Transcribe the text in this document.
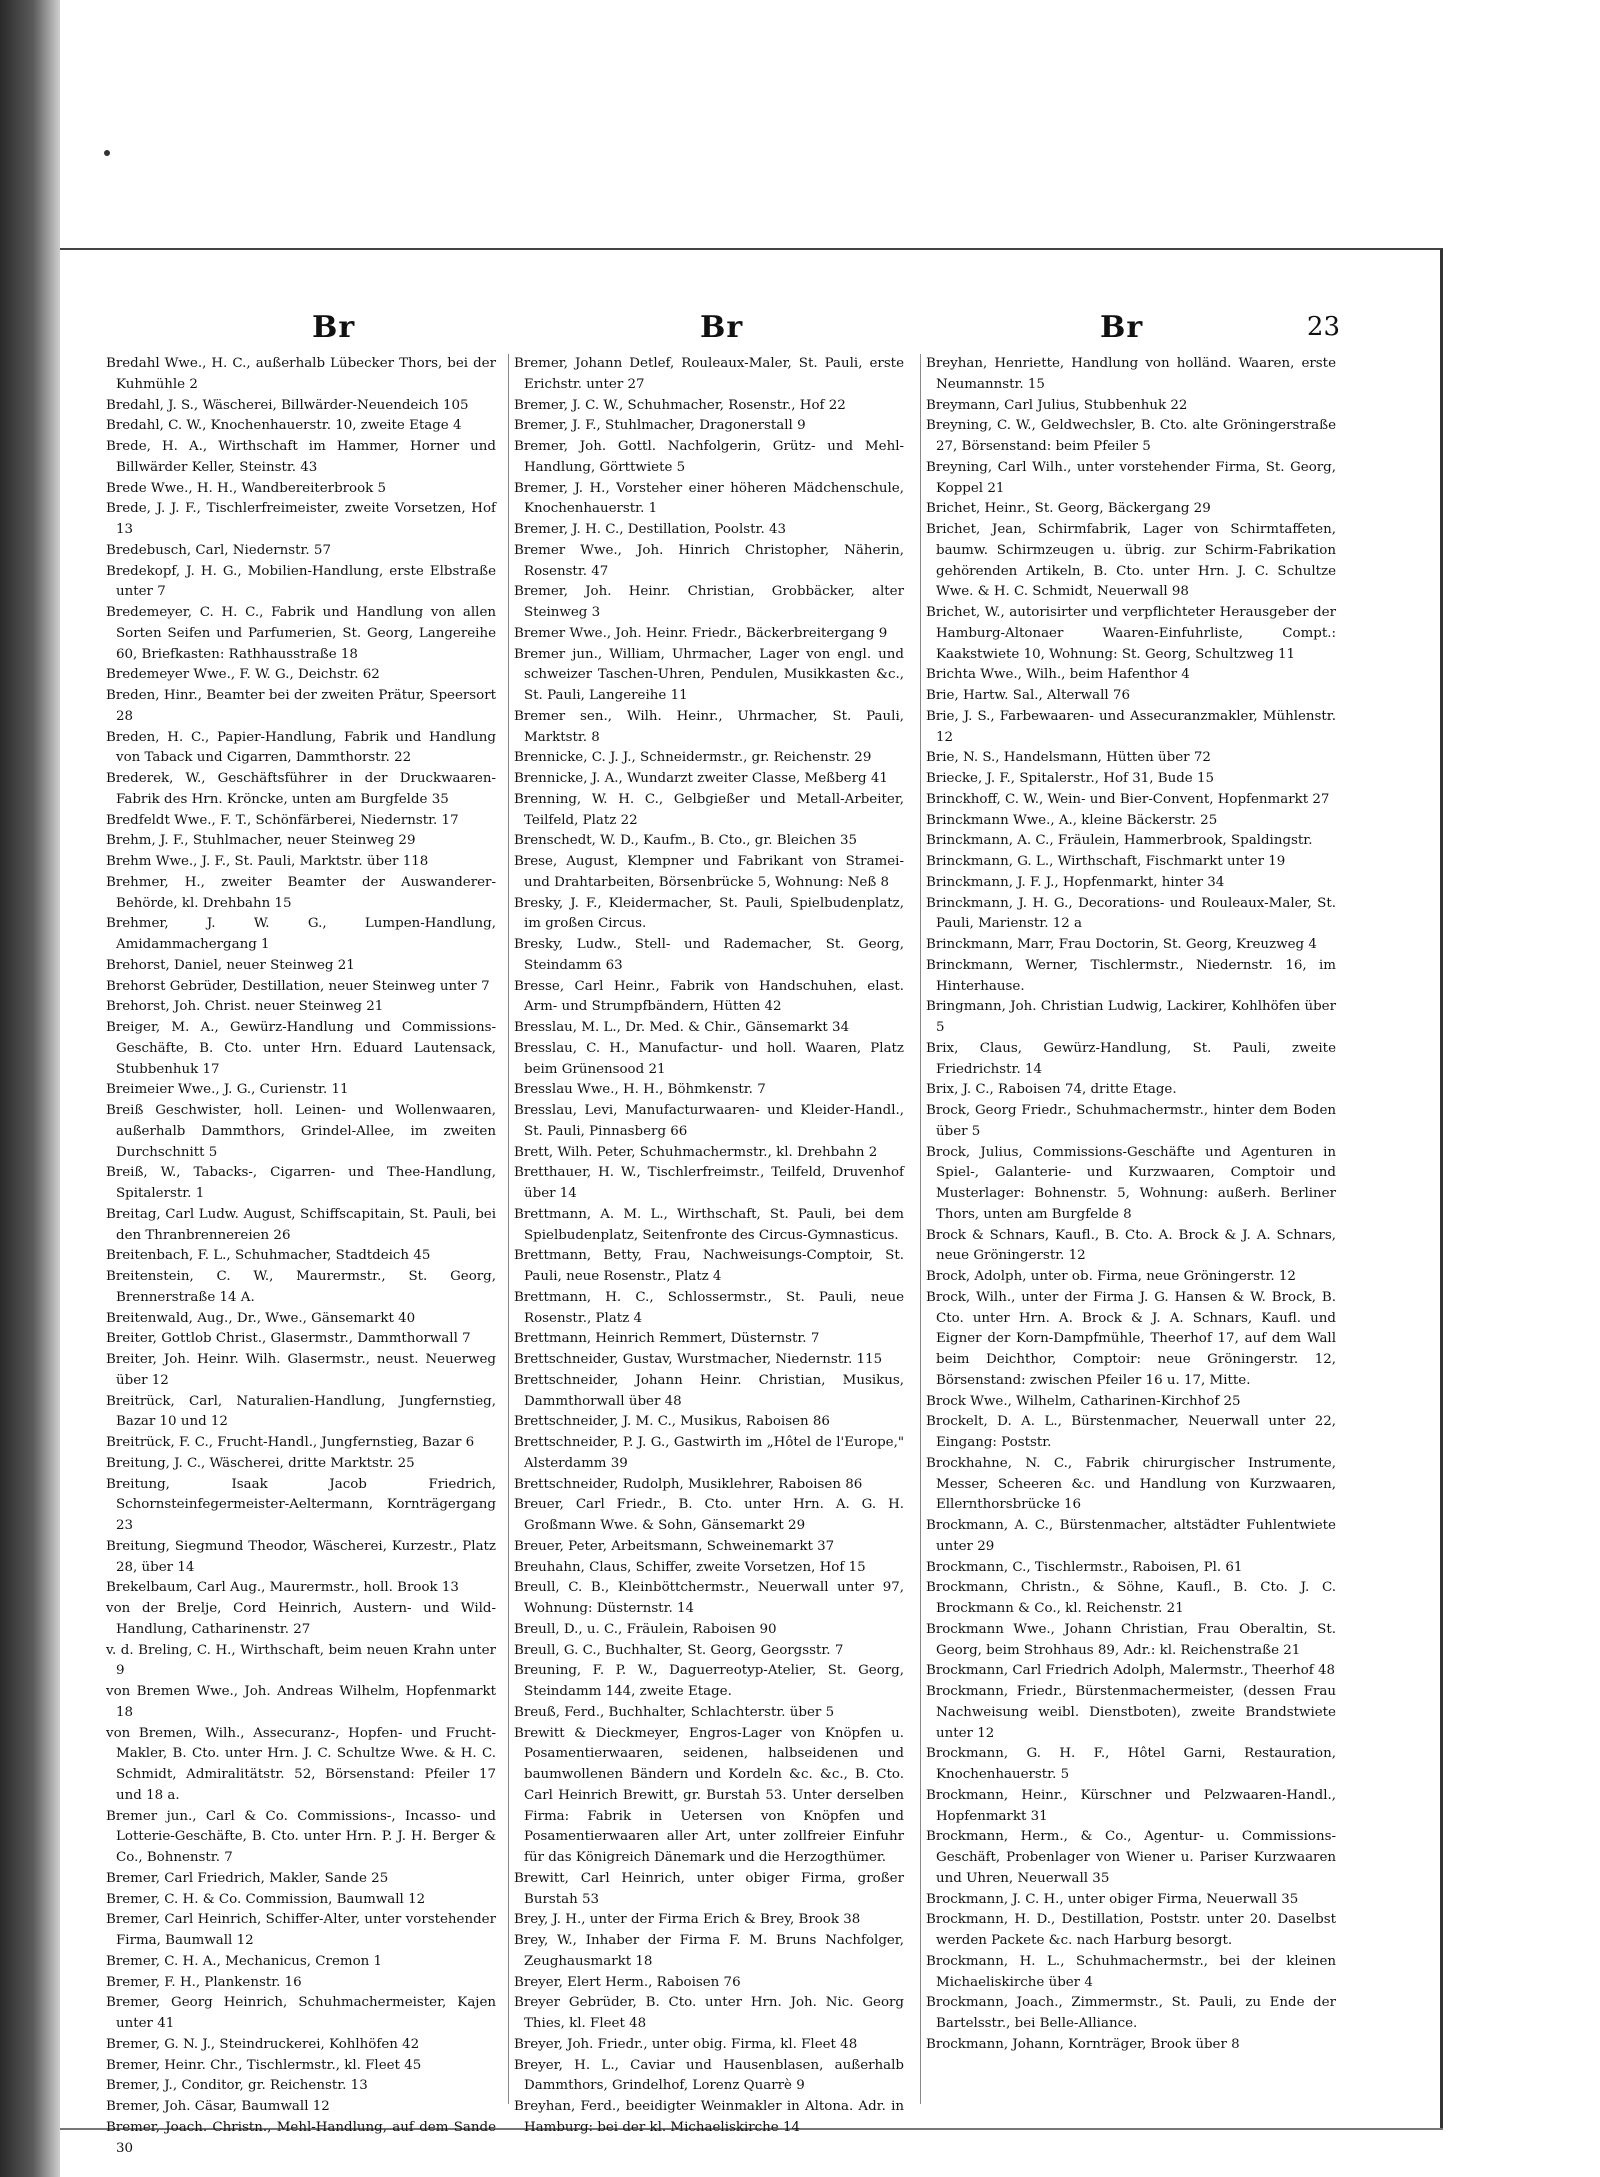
Br	Br	Br	23

Bredahl Wwe., H. C., außerhalb Lübecker Thors, bei der Kuhmühle 2

Bredahl, J. S., Wäscherei, Billwärder-Neuendeich 105

Bredahl, C. W., Knochenhauerstr. 10, zweite Etage 4

Brede, H. A., Wirthschaft im Hammer, Horner und Billwärder Keller, Steinstr. 43

Brede Wwe., H. H., Wandbereiterbrook 5

Brede, J. J. F., Tischlerfreimeister, zweite Vorsetzen, Hof 13

Bredebusch, Carl, Niedernstr. 57

Bredekopf, J. H. G., Mobilien-Handlung, erste Elbstraße unter 7

Bredemeyer, C. H. C., Fabrik und Handlung von allen Sorten Seifen und Parfumerien, St. Georg, Langereihe 60, Briefkasten: Rathhausstraße 18

Bredemeyer Wwe., F. W. G., Deichstr. 62

Breden, Hinr., Beamter bei der zweiten Prätur, Speersort 28

Breden, H. C., Papier-Handlung, Fabrik und Handlung von Taback und Cigarren, Dammthorstr. 22

Brederek, W., Geschäftsführer in der Druckwaaren-Fabrik des Hrn. Kröncke, unten am Burgfelde 35

Bredfeldt Wwe., F. T., Schönfärberei, Niedernstr. 17

Brehm, J. F., Stuhlmacher, neuer Steinweg 29

Brehm Wwe., J. F., St. Pauli, Marktstr. über 118

Brehmer, H., zweiter Beamter der Auswanderer-Behörde, kl. Drehbahn 15

Brehmer, J. W. G., Lumpen-Handlung, Amidammachergang 1

Brehorst, Daniel, neuer Steinweg 21

Brehorst Gebrüder, Destillation, neuer Steinweg unter 7

Brehorst, Joh. Christ. neuer Steinweg 21

Breiger, M. A., Gewürz-Handlung und Commissions-Geschäfte, B. Cto. unter Hrn. Eduard Lautensack, Stubbenhuk 17

Breimeier Wwe., J. G., Curienstr. 11

Breiß Geschwister, holl. Leinen- und Wollenwaaren, außerhalb Dammthors, Grindel-Allee, im zweiten Durchschnitt 5

Breiß, W., Tabacks-, Cigarren- und Thee-Handlung, Spitalerstr. 1

Breitag, Carl Ludw. August, Schiffscapitain, St. Pauli, bei den Thranbrennereien 26

Breitenbach, F. L., Schuhmacher, Stadtdeich 45

Breitenstein, C. W., Maurermstr., St. Georg, Brennerstraße 14 A.

Breitenwald, Aug., Dr., Wwe., Gänsemarkt 40

Breiter, Gottlob Christ., Glasermstr., Dammthorwall 7

Breiter, Joh. Heinr. Wilh. Glasermstr., neust. Neuerweg über 12

Breitrück, Carl, Naturalien-Handlung, Jungfernstieg, Bazar 10 und 12

Breitrück, F. C., Frucht-Handl., Jungfernstieg, Bazar 6

Breitung, J. C., Wäscherei, dritte Marktstr. 25

Breitung, Isaak Jacob Friedrich, Schornsteinfegermeister-Aeltermann, Kornträgergang 23

Breitung, Siegmund Theodor, Wäscherei, Kurzestr., Platz 28, über 14

Brekelbaum, Carl Aug., Maurermstr., holl. Brook 13

von der Brelje, Cord Heinrich, Austern- und Wild-Handlung, Catharinenstr. 27

v. d. Breling, C. H., Wirthschaft, beim neuen Krahn unter 9

von Bremen Wwe., Joh. Andreas Wilhelm, Hopfenmarkt 18

von Bremen, Wilh., Assecuranz-, Hopfen- und Frucht-Makler, B. Cto. unter Hrn. J. C. Schultze Wwe. & H. C. Schmidt, Admiralitätstr. 52, Börsenstand: Pfeiler 17 und 18 a.

Bremer jun., Carl & Co. Commissions-, Incasso- und Lotterie-Geschäfte, B. Cto. unter Hrn. P. J. H. Berger & Co., Bohnenstr. 7

Bremer, Carl Friedrich, Makler, Sande 25

Bremer, C. H. & Co. Commission, Baumwall 12

Bremer, Carl Heinrich, Schiffer-Alter, unter vorstehender Firma, Baumwall 12

Bremer, C. H. A., Mechanicus, Cremon 1

Bremer, F. H., Plankenstr. 16

Bremer, Georg Heinrich, Schuhmachermeister, Kajen unter 41

Bremer, G. N. J., Steindruckerei, Kohlhöfen 42

Bremer, Heinr. Chr., Tischlermstr., kl. Fleet 45

Bremer, J., Conditor, gr. Reichenstr. 13

Bremer, Joh. Cäsar, Baumwall 12

Bremer, Joach. Christn., Mehl-Handlung, auf dem Sande 30

Bremer, Johann Detlef, Rouleaux-Maler, St. Pauli, erste Erichstr. unter 27

Bremer, J. C. W., Schuhmacher, Rosenstr., Hof 22

Bremer, J. F., Stuhlmacher, Dragonerstall 9

Bremer, Joh. Gottl. Nachfolgerin, Grütz- und Mehl-Handlung, Görttwiete 5

Bremer, J. H., Vorsteher einer höheren Mädchenschule, Knochenhauerstr. 1

Bremer, J. H. C., Destillation, Poolstr. 43

Bremer Wwe., Joh. Hinrich Christopher, Näherin, Rosenstr. 47

Bremer, Joh. Heinr. Christian, Grobbäcker, alter Steinweg 3

Bremer Wwe., Joh. Heinr. Friedr., Bäckerbreitergang 9

Bremer jun., William, Uhrmacher, Lager von engl. und schweizer Taschen-Uhren, Pendulen, Musikkasten &c., St. Pauli, Langereihe 11

Bremer sen., Wilh. Heinr., Uhrmacher, St. Pauli, Marktstr. 8

Brennicke, C. J. J., Schneidermstr., gr. Reichenstr. 29

Brennicke, J. A., Wundarzt zweiter Classe, Meßberg 41

Brenning, W. H. C., Gelbgießer und Metall-Arbeiter, Teilfeld, Platz 22

Brenschedt, W. D., Kaufm., B. Cto., gr. Bleichen 35

Brese, August, Klempner und Fabrikant von Stramei- und Drahtarbeiten, Börsenbrücke 5, Wohnung: Neß 8

Bresky, J. F., Kleidermacher, St. Pauli, Spielbudenplatz, im großen Circus.

Bresky, Ludw., Stell- und Rademacher, St. Georg, Steindamm 63

Bresse, Carl Heinr., Fabrik von Handschuhen, elast. Arm- und Strumpfbändern, Hütten 42

Bresslau, M. L., Dr. Med. & Chir., Gänsemarkt 34

Bresslau, C. H., Manufactur- und holl. Waaren, Platz beim Grünensood 21

Bresslau Wwe., H. H., Böhmkenstr. 7

Bresslau, Levi, Manufacturwaaren- und Kleider-Handl., St. Pauli, Pinnasberg 66

Brett, Wilh. Peter, Schuhmachermstr., kl. Drehbahn 2

Bretthauer, H. W., Tischlerfreimstr., Teilfeld, Druvenhof über 14

Brettmann, A. M. L., Wirthschaft, St. Pauli, bei dem Spielbudenplatz, Seitenfronte des Circus-Gymnasticus.

Brettmann, Betty, Frau, Nachweisungs-Comptoir, St. Pauli, neue Rosenstr., Platz 4

Brettmann, H. C., Schlossermstr., St. Pauli, neue Rosenstr., Platz 4

Brettmann, Heinrich Remmert, Düsternstr. 7

Brettschneider, Gustav, Wurstmacher, Niedernstr. 115

Brettschneider, Johann Heinr. Christian, Musikus, Dammthorwall über 48

Brettschneider, J. M. C., Musikus, Raboisen 86

Brettschneider, P. J. G., Gastwirth im „Hôtel de l'Europe," Alsterdamm 39

Brettschneider, Rudolph, Musiklehrer, Raboisen 86

Breuer, Carl Friedr., B. Cto. unter Hrn. A. G. H. Großmann Wwe. & Sohn, Gänsemarkt 29

Breuer, Peter, Arbeitsmann, Schweinemarkt 37

Breuhahn, Claus, Schiffer, zweite Vorsetzen, Hof 15

Breull, C. B., Kleinböttchermstr., Neuerwall unter 97, Wohnung: Düsternstr. 14

Breull, D., u. C., Fräulein, Raboisen 90

Breull, G. C., Buchhalter, St. Georg, Georgsstr. 7

Breuning, F. P. W., Daguerreotyp-Atelier, St. Georg, Steindamm 144, zweite Etage.

Breuß, Ferd., Buchhalter, Schlachterstr. über 5

Brewitt & Dieckmeyer, Engros-Lager von Knöpfen u. Posamentierwaaren, seidenen, halbseidenen und baumwollenen Bändern und Kordeln &c. &c., B. Cto. Carl Heinrich Brewitt, gr. Burstah 53. Unter derselben Firma: Fabrik in Uetersen von Knöpfen und Posamentierwaaren aller Art, unter zollfreier Einfuhr für das Königreich Dänemark und die Herzogthümer.

Brewitt, Carl Heinrich, unter obiger Firma, großer Burstah 53

Brey, J. H., unter der Firma Erich & Brey, Brook 38

Brey, W., Inhaber der Firma F. M. Bruns Nachfolger, Zeughausmarkt 18

Breyer, Elert Herm., Raboisen 76

Breyer Gebrüder, B. Cto. unter Hrn. Joh. Nic. Georg Thies, kl. Fleet 48

Breyer, Joh. Friedr., unter obig. Firma, kl. Fleet 48

Breyer, H. L., Caviar und Hausenblasen, außerhalb Dammthors, Grindelhof, Lorenz Quarrè 9

Breyhan, Ferd., beeidigter Weinmakler in Altona. Adr. in Hamburg: bei der kl. Michaeliskirche 14

Breyhan, Henriette, Handlung von holländ. Waaren, erste Neumannstr. 15

Breymann, Carl Julius, Stubbenhuk 22

Breyning, C. W., Geldwechsler, B. Cto. alte Gröningerstraße 27, Börsenstand: beim Pfeiler 5

Breyning, Carl Wilh., unter vorstehender Firma, St. Georg, Koppel 21

Brichet, Heinr., St. Georg, Bäckergang 29

Brichet, Jean, Schirmfabrik, Lager von Schirmtaffeten, baumw. Schirmzeugen u. übrig. zur Schirm-Fabrikation gehörenden Artikeln, B. Cto. unter Hrn. J. C. Schultze Wwe. & H. C. Schmidt, Neuerwall 98

Brichet, W., autorisirter und verpflichteter Herausgeber der Hamburg-Altonaer Waaren-Einfuhrliste, Compt.: Kaakstwiete 10, Wohnung: St. Georg, Schultzweg 11

Brichta Wwe., Wilh., beim Hafenthor 4

Brie, Hartw. Sal., Alterwall 76

Brie, J. S., Farbewaaren- und Assecuranzmakler, Mühlenstr. 12

Brie, N. S., Handelsmann, Hütten über 72

Briecke, J. F., Spitalerstr., Hof 31, Bude 15

Brinckhoff, C. W., Wein- und Bier-Convent, Hopfenmarkt 27

Brinckmann Wwe., A., kleine Bäckerstr. 25

Brinckmann, A. C., Fräulein, Hammerbrook, Spaldingstr.

Brinckmann, G. L., Wirthschaft, Fischmarkt unter 19

Brinckmann, J. F. J., Hopfenmarkt, hinter 34

Brinckmann, J. H. G., Decorations- und Rouleaux-Maler, St. Pauli, Marienstr. 12 a

Brinckmann, Marr, Frau Doctorin, St. Georg, Kreuzweg 4

Brinckmann, Werner, Tischlermstr., Niedernstr. 16, im Hinterhause.

Bringmann, Joh. Christian Ludwig, Lackirer, Kohlhöfen über 5

Brix, Claus, Gewürz-Handlung, St. Pauli, zweite Friedrichstr. 14

Brix, J. C., Raboisen 74, dritte Etage.

Brock, Georg Friedr., Schuhmachermstr., hinter dem Boden über 5

Brock, Julius, Commissions-Geschäfte und Agenturen in Spiel-, Galanterie- und Kurzwaaren, Comptoir und Musterlager: Bohnenstr. 5, Wohnung: außerh. Berliner Thors, unten am Burgfelde 8

Brock & Schnars, Kaufl., B. Cto. A. Brock & J. A. Schnars, neue Gröningerstr. 12

Brock, Adolph, unter ob. Firma, neue Gröningerstr. 12

Brock, Wilh., unter der Firma J. G. Hansen & W. Brock, B. Cto. unter Hrn. A. Brock & J. A. Schnars, Kaufl. und Eigner der Korn-Dampfmühle, Theerhof 17, auf dem Wall beim Deichthor, Comptoir: neue Gröningerstr. 12, Börsenstand: zwischen Pfeiler 16 u. 17, Mitte.

Brock Wwe., Wilhelm, Catharinen-Kirchhof 25

Brockelt, D. A. L., Bürstenmacher, Neuerwall unter 22, Eingang: Poststr.

Brockhahne, N. C., Fabrik chirurgischer Instrumente, Messer, Scheeren &c. und Handlung von Kurzwaaren, Ellernthorsbrücke 16

Brockmann, A. C., Bürstenmacher, altstädter Fuhlentwiete unter 29

Brockmann, C., Tischlermstr., Raboisen, Pl. 61

Brockmann, Christn., & Söhne, Kaufl., B. Cto. J. C. Brockmann & Co., kl. Reichenstr. 21

Brockmann Wwe., Johann Christian, Frau Oberaltin, St. Georg, beim Strohhaus 89, Adr.: kl. Reichenstraße 21

Brockmann, Carl Friedrich Adolph, Malermstr., Theerhof 48

Brockmann, Friedr., Bürstenmachermeister, (dessen Frau Nachweisung weibl. Dienstboten), zweite Brandstwiete unter 12

Brockmann, G. H. F., Hôtel Garni, Restauration, Knochenhauerstr. 5

Brockmann, Heinr., Kürschner und Pelzwaaren-Handl., Hopfenmarkt 31

Brockmann, Herm., & Co., Agentur- u. Commissions-Geschäft, Probenlager von Wiener u. Pariser Kurzwaaren und Uhren, Neuerwall 35

Brockmann, J. C. H., unter obiger Firma, Neuerwall 35

Brockmann, H. D., Destillation, Poststr. unter 20. Daselbst werden Packete &c. nach Harburg besorgt.

Brockmann, H. L., Schuhmachermstr., bei der kleinen Michaeliskirche über 4

Brockmann, Joach., Zimmermstr., St. Pauli, zu Ende der Bartelsstr., bei Belle-Alliance.

Brockmann, Johann, Kornträger, Brook über 8
